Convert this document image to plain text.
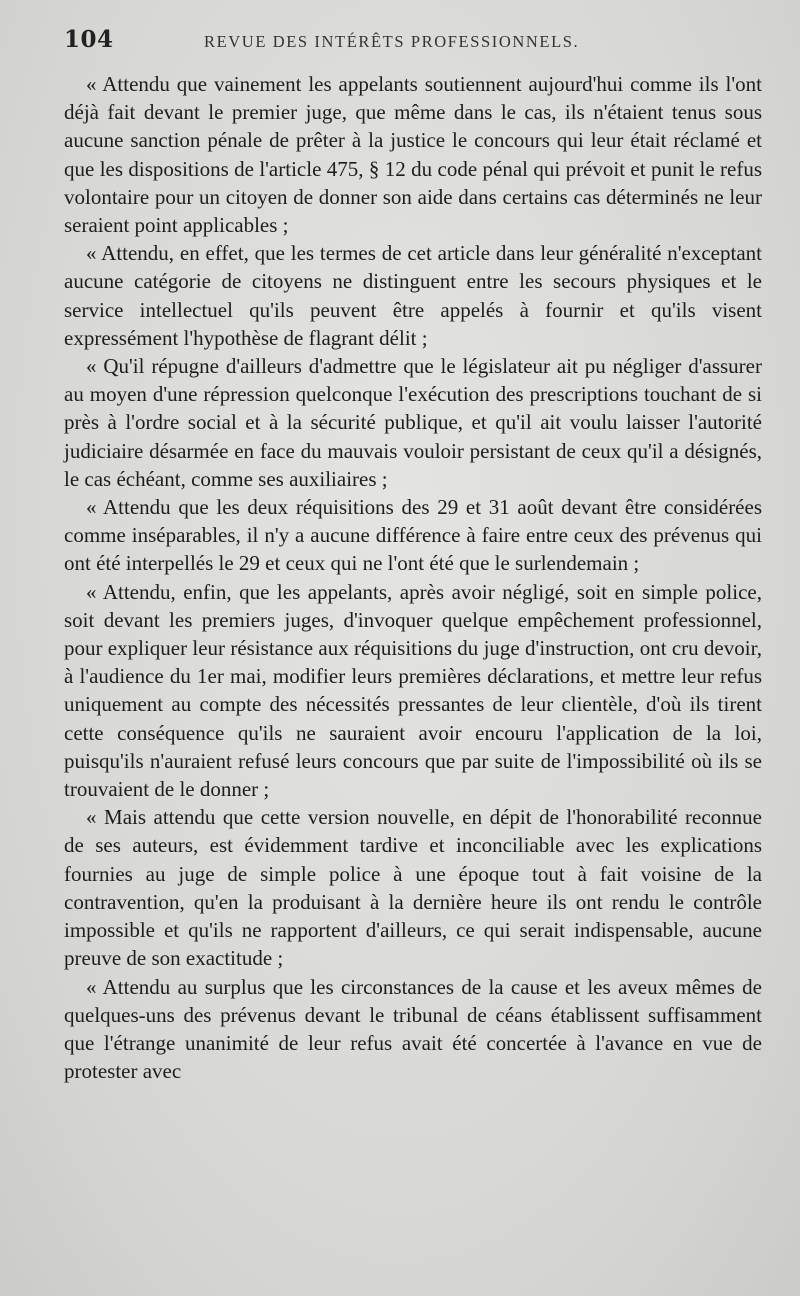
104	REVUE DES INTÉRÊTS PROFESSIONNELS.

« Attendu que vainement les appelants soutiennent aujourd'hui comme ils l'ont déjà fait devant le premier juge, que même dans le cas, ils n'étaient tenus sous aucune sanction pénale de prêter à la justice le concours qui leur était réclamé et que les dispositions de l'article 475, § 12 du code pénal qui prévoit et punit le refus volontaire pour un citoyen de donner son aide dans certains cas déterminés ne leur seraient point applicables ;

« Attendu, en effet, que les termes de cet article dans leur généralité n'exceptant aucune catégorie de citoyens ne distinguent entre les secours physiques et le service intellectuel qu'ils peuvent être appelés à fournir et qu'ils visent expressément l'hypothèse de flagrant délit ;

« Qu'il répugne d'ailleurs d'admettre que le législateur ait pu négliger d'assurer au moyen d'une répression quelconque l'exécution des prescriptions touchant de si près à l'ordre social et à la sécurité publique, et qu'il ait voulu laisser l'autorité judiciaire désarmée en face du mauvais vouloir persistant de ceux qu'il a désignés, le cas échéant, comme ses auxiliaires ;

« Attendu que les deux réquisitions des 29 et 31 août devant être considérées comme inséparables, il n'y a aucune différence à faire entre ceux des prévenus qui ont été interpellés le 29 et ceux qui ne l'ont été que le surlendemain ;

« Attendu, enfin, que les appelants, après avoir négligé, soit en simple police, soit devant les premiers juges, d'invoquer quelque empêchement professionnel, pour expliquer leur résistance aux réquisitions du juge d'instruction, ont cru devoir, à l'audience du 1er mai, modifier leurs premières déclarations, et mettre leur refus uniquement au compte des nécessités pressantes de leur clientèle, d'où ils tirent cette conséquence qu'ils ne sauraient avoir encouru l'application de la loi, puisqu'ils n'auraient refusé leurs concours que par suite de l'impossibilité où ils se trouvaient de le donner ;

« Mais attendu que cette version nouvelle, en dépit de l'honorabilité reconnue de ses auteurs, est évidemment tardive et inconciliable avec les explications fournies au juge de simple police à une époque tout à fait voisine de la contravention, qu'en la produisant à la dernière heure ils ont rendu le contrôle impossible et qu'ils ne rapportent d'ailleurs, ce qui serait indispensable, aucune preuve de son exactitude ;

« Attendu au surplus que les circonstances de la cause et les aveux mêmes de quelques-uns des prévenus devant le tribunal de céans établissent suffisamment que l'étrange unanimité de leur refus avait été concertée à l'avance en vue de protester avec
